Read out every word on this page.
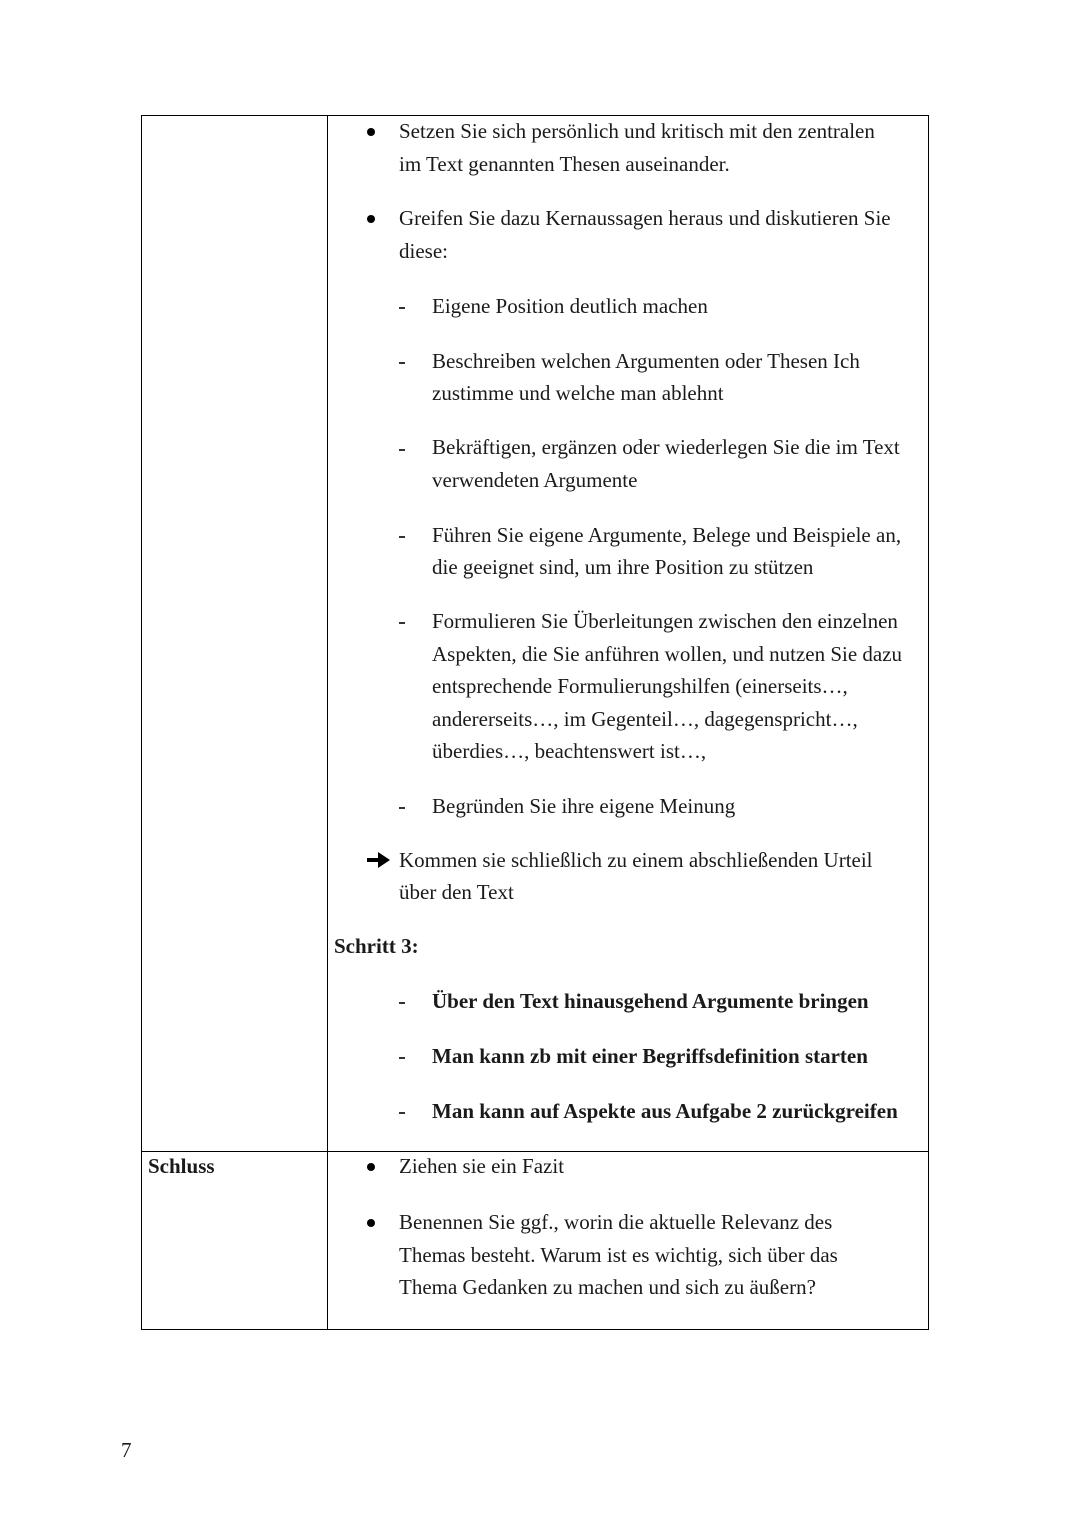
Setzen Sie sich persönlich und kritisch mit den zentralen
im Text genannten Thesen auseinander.
Greifen Sie dazu Kernaussagen heraus und diskutieren Sie
diese:
Eigene Position deutlich machen
Beschreiben welchen Argumenten oder Thesen Ich
zustimme und welche man ablehnt
Bekräftigen, ergänzen oder wiederlegen Sie die im Text
verwendeten Argumente
Führen Sie eigene Argumente, Belege und Beispiele an,
die geeignet sind, um ihre Position zu stützen
Formulieren Sie Überleitungen zwischen den einzelnen
Aspekten, die Sie anführen wollen, und nutzen Sie dazu
entsprechende Formulierungshilfen (einerseits…,
andererseits…, im Gegenteil…, dagegenspricht…,
überdies…, beachtenswert ist…,
Begründen Sie ihre eigene Meinung
Kommen sie schließlich zu einem abschließenden Urteil
über den Text
Schritt 3:
Über den Text hinausgehend Argumente bringen
Man kann zb mit einer Begriffsdefinition starten
Man kann auf Aspekte aus Aufgabe 2 zurückgreifen
Schluss	Ziehen sie ein Fazit
Benennen Sie ggf., worin die aktuelle Relevanz des
Themas besteht. Warum ist es wichtig, sich über das
Thema Gedanken zu machen und sich zu äußern?
7
